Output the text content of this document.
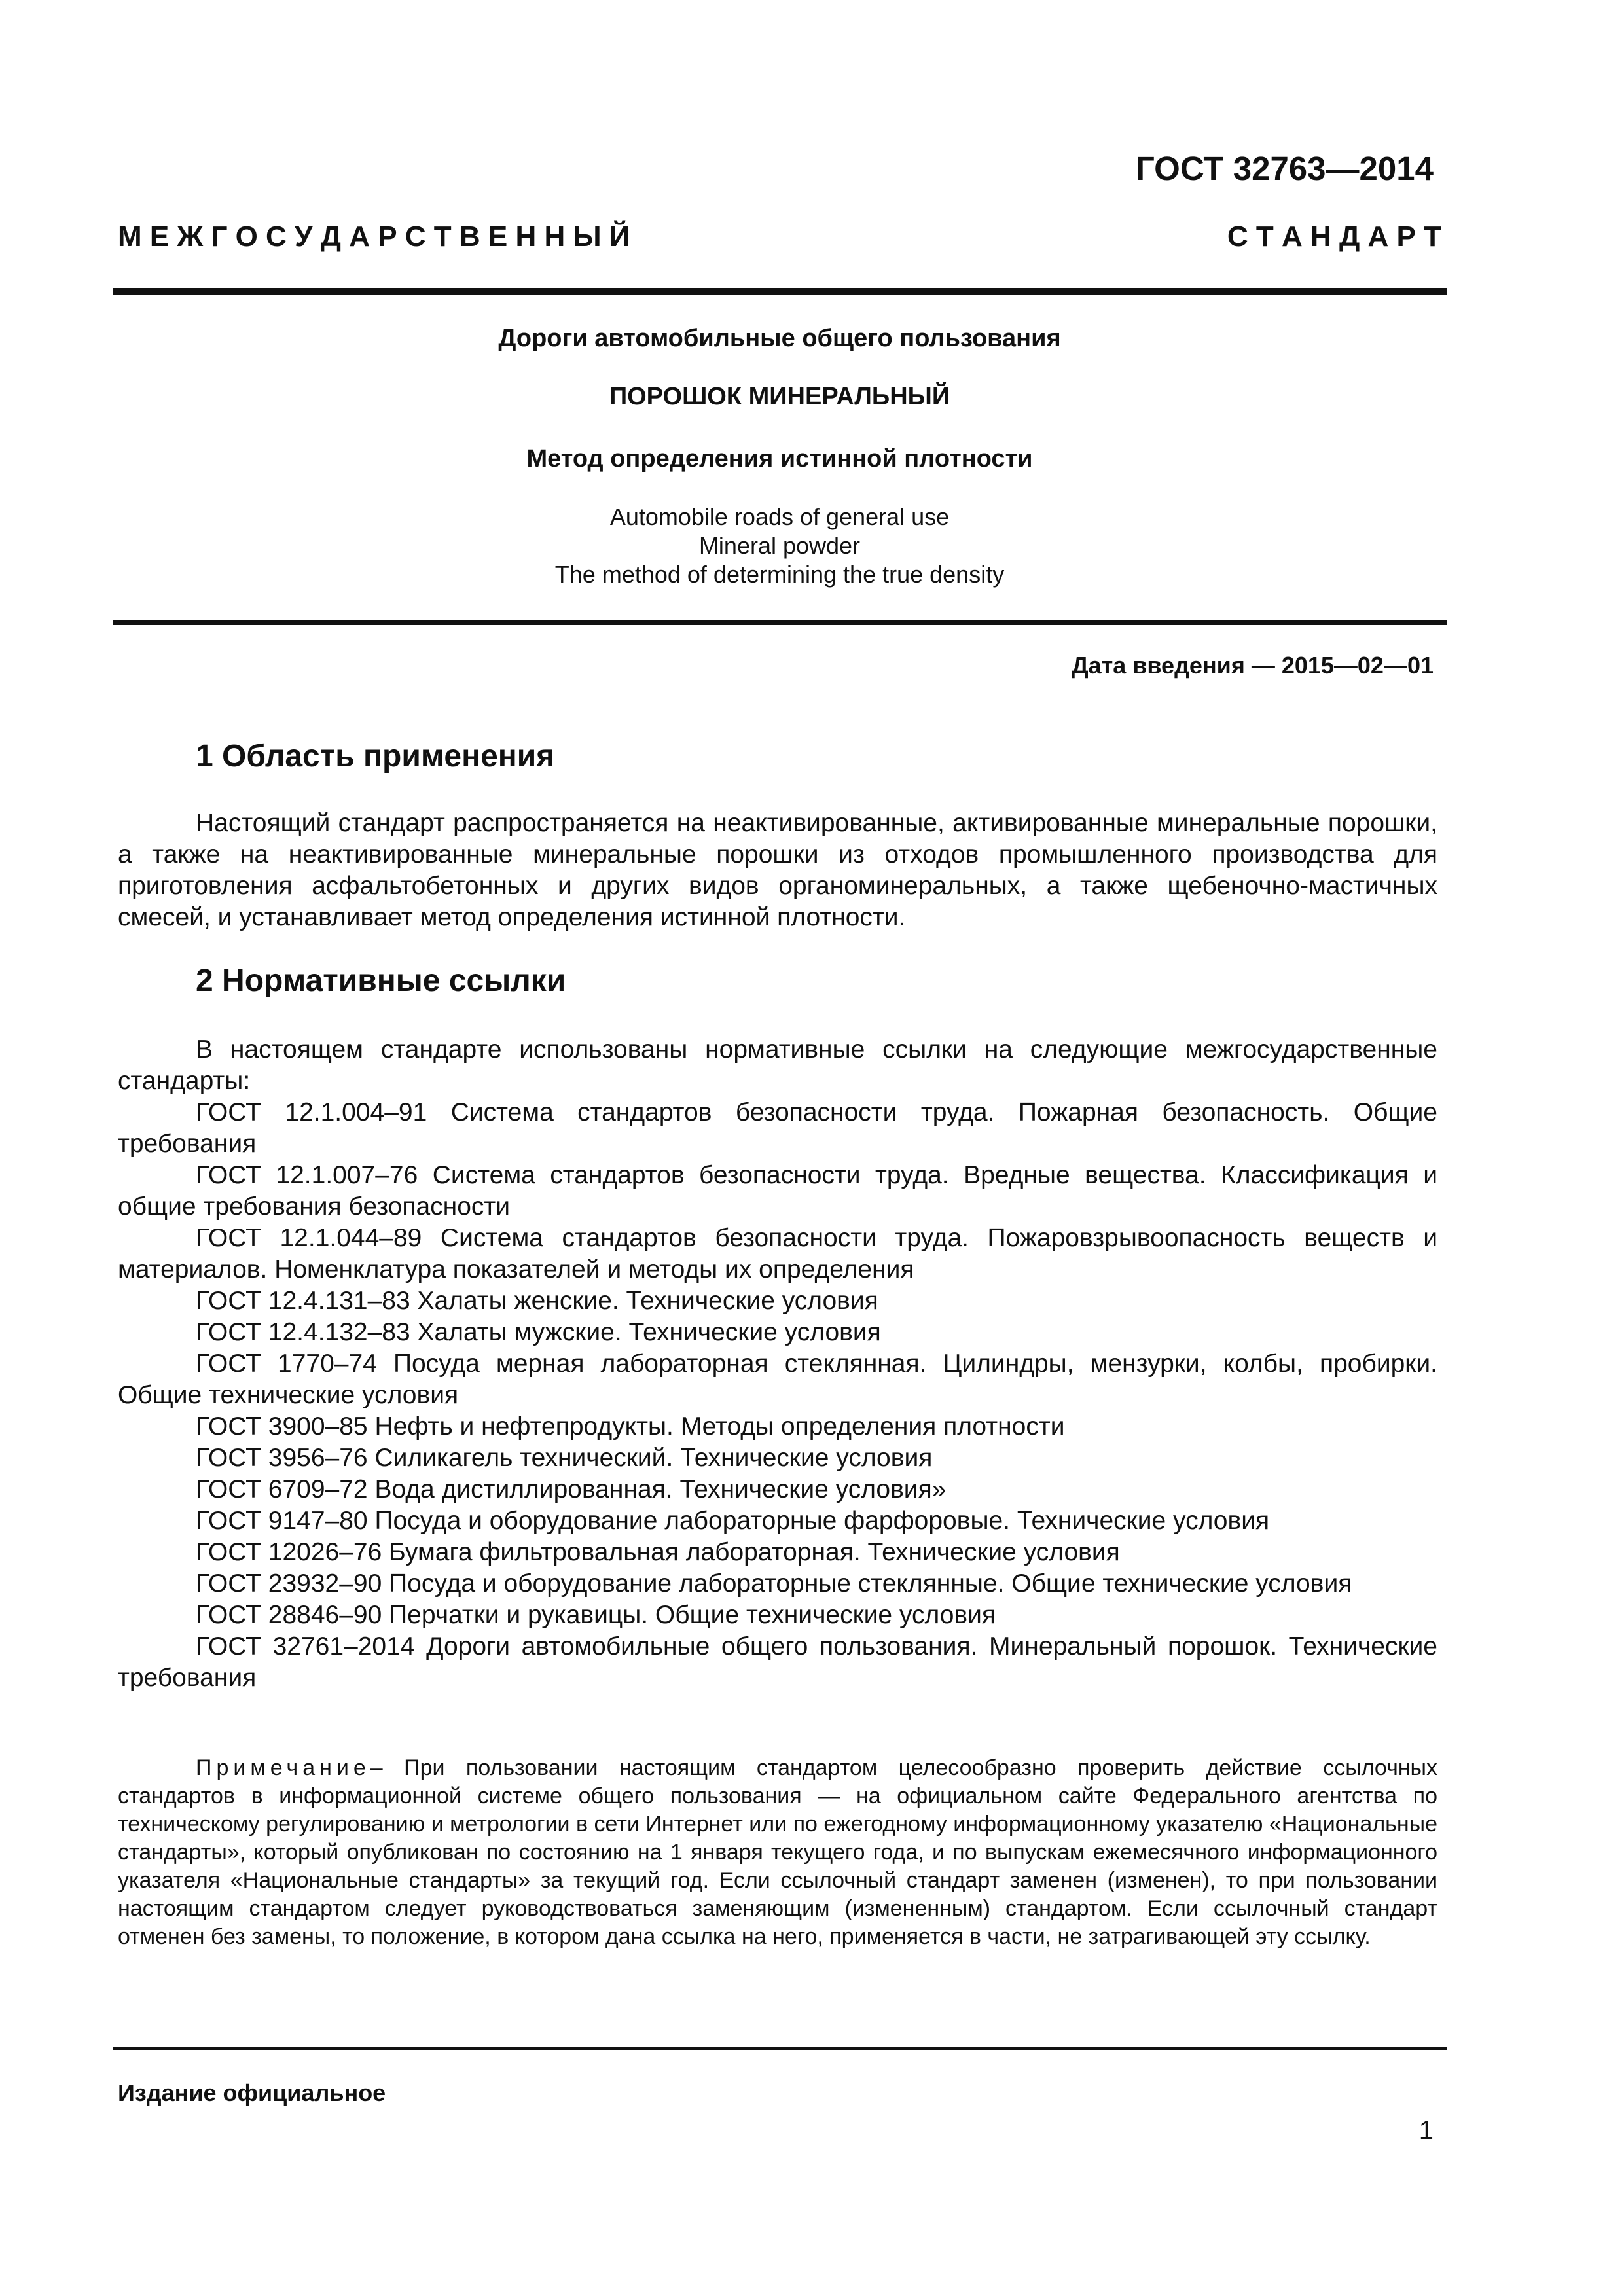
ГОСТ 32763—2014
М Е Ж Г О С У Д А Р С Т В Е Н Н Ы Й	С Т А Н Д А Р Т
Дороги автомобильные общего пользования
ПОРОШОК МИНЕРАЛЬНЫЙ
Метод определения истинной плотности
Automobile roads of general use
Mineral powder
The method of determining the true density
Дата введения — 2015—02—01
1 Область применения
Настоящий стандарт распространяется на неактивированные, активированные минеральные порошки, а также на неактивированные минеральные порошки из отходов промышленного производства для приготовления асфальтобетонных и других видов органоминеральных, а также щебеночно-мастичных смесей, и устанавливает метод определения истинной плотности.
2 Нормативные ссылки
В настоящем стандарте использованы нормативные ссылки на следующие межгосударственные стандарты:
ГОСТ 12.1.004–91 Система стандартов безопасности труда. Пожарная безопасность. Общие требования
ГОСТ 12.1.007–76 Система стандартов безопасности труда. Вредные вещества. Классификация и общие требования безопасности
ГОСТ 12.1.044–89 Система стандартов безопасности труда. Пожаровзрывоопасность веществ и материалов. Номенклатура показателей и методы их определения
ГОСТ 12.4.131–83 Халаты женские. Технические условия
ГОСТ 12.4.132–83 Халаты мужские. Технические условия
ГОСТ 1770–74 Посуда мерная лабораторная стеклянная. Цилиндры, мензурки, колбы, пробирки. Общие технические условия
ГОСТ 3900–85 Нефть и нефтепродукты. Методы определения плотности
ГОСТ 3956–76 Силикагель технический. Технические условия
ГОСТ 6709–72 Вода дистиллированная. Технические условия»
ГОСТ 9147–80 Посуда и оборудование лабораторные фарфоровые. Технические условия
ГОСТ 12026–76 Бумага фильтровальная лабораторная. Технические условия
ГОСТ 23932–90 Посуда и оборудование лабораторные стеклянные. Общие технические условия
ГОСТ 28846–90 Перчатки и рукавицы. Общие технические условия
ГОСТ 32761–2014 Дороги автомобильные общего пользования. Минеральный порошок. Технические требования
Примечание– При пользовании настоящим стандартом целесообразно проверить действие ссылочных стандартов в информационной системе общего пользования — на официальном сайте Федерального агентства по техническому регулированию и метрологии в сети Интернет или по ежегодному информационному указателю «Национальные стандарты», который опубликован по состоянию на 1 января текущего года, и по выпускам ежемесячного информационного указателя «Национальные стандарты» за текущий год. Если ссылочный стандарт заменен (изменен), то при пользовании настоящим стандартом следует руководствоваться заменяющим (измененным) стандартом. Если ссылочный стандарт отменен без замены, то положение, в котором дана ссылка на него, применяется в части, не затрагивающей эту ссылку.
Издание официальное
1
